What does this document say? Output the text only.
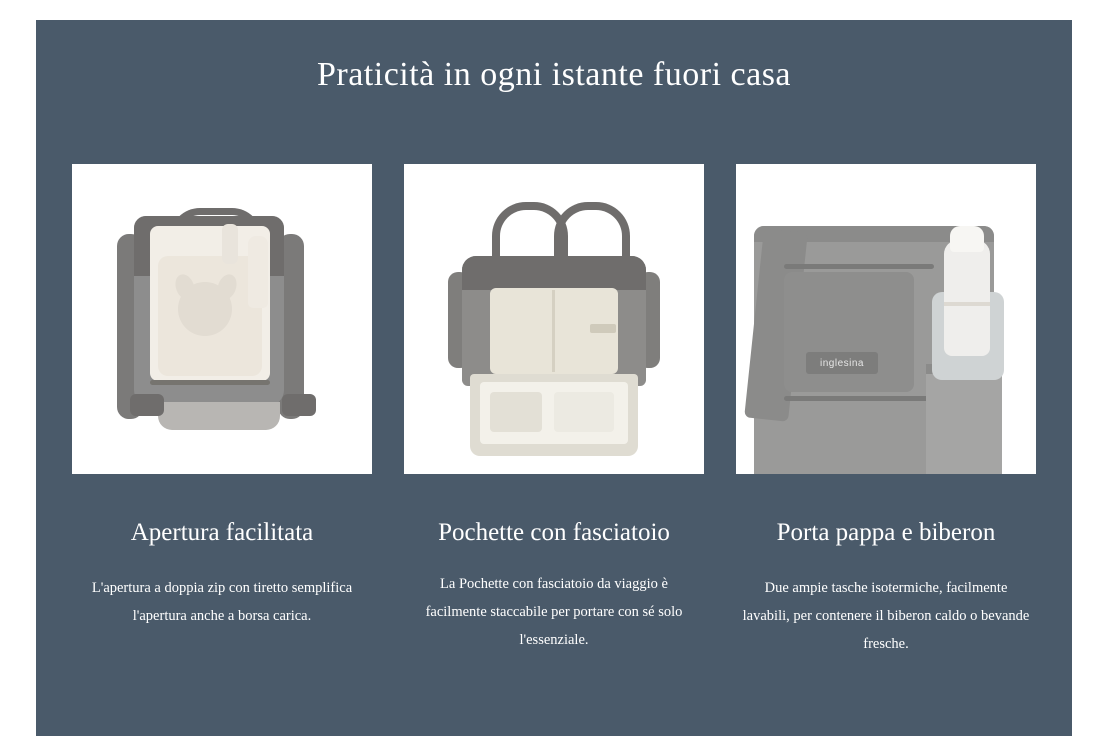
Praticità in ogni istante fuori casa
Apertura facilitata
L'apertura a doppia zip con tiretto semplifica l'apertura anche a borsa carica.
Pochette con fasciatoio
La Pochette con fasciatoio da viaggio è facilmente staccabile per portare con sé solo l'essenziale.
inglesina
Porta pappa e biberon
Due ampie tasche isotermiche, facilmente lavabili, per contenere il biberon caldo o bevande fresche.
